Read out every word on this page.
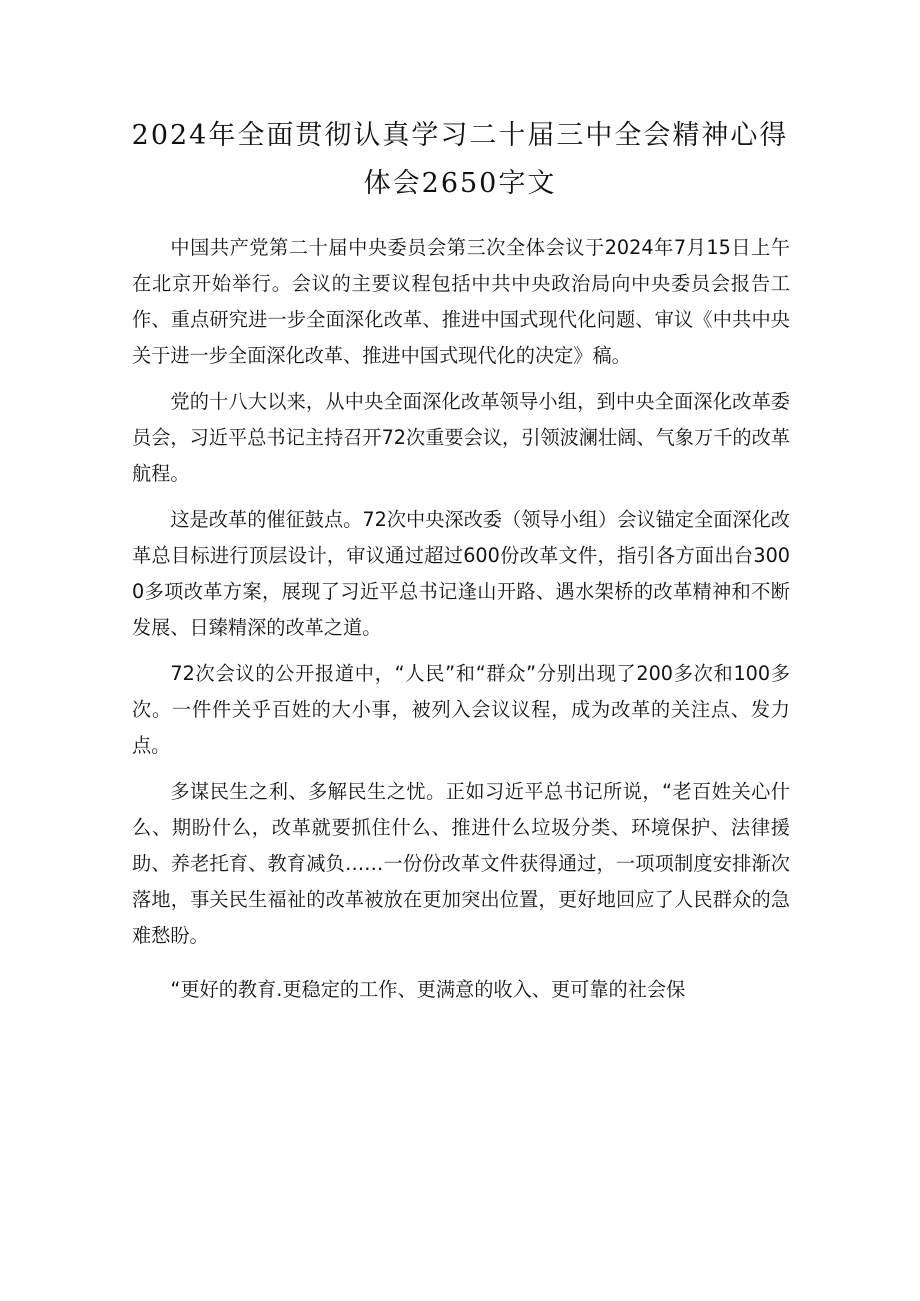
2024年全面贯彻认真学习二十届三中全会精神心得
体会2650字文

中国共产党第二十届中央委员会第三次全体会议于2024年7月15日上午在北京开始举行。会议的主要议程包括中共中央政治局向中央委员会报告工作、重点研究进一步全面深化改革、推进中国式现代化问题、审议《中共中央关于进一步全面深化改革、推进中国式现代化的决定》稿。

党的十八大以来，从中央全面深化改革领导小组，到中央全面深化改革委员会，习近平总书记主持召开72次重要会议，引领波澜壮阔、气象万千的改革航程。

这是改革的催征鼓点。72次中央深改委（领导小组）会议锚定全面深化改革总目标进行顶层设计，审议通过超过600份改革文件，指引各方面出台3000多项改革方案，展现了习近平总书记逢山开路、遇水架桥的改革精神和不断发展、日臻精深的改革之道。

72次会议的公开报道中，“人民”和“群众”分别出现了200多次和100多次。一件件关乎百姓的大小事，被列入会议议程，成为改革的关注点、发力点。

多谋民生之利、多解民生之忧。正如习近平总书记所说，“老百姓关心什么、期盼什么，改革就要抓住什么、推进什么垃圾分类、环境保护、法律援助、养老托育、教育减负……一份份改革文件获得通过，一项项制度安排渐次落地，事关民生福祉的改革被放在更加突出位置，更好地回应了人民群众的急难愁盼。

“更好的教育.更稳定的工作、更满意的收入、更可靠的社会保
